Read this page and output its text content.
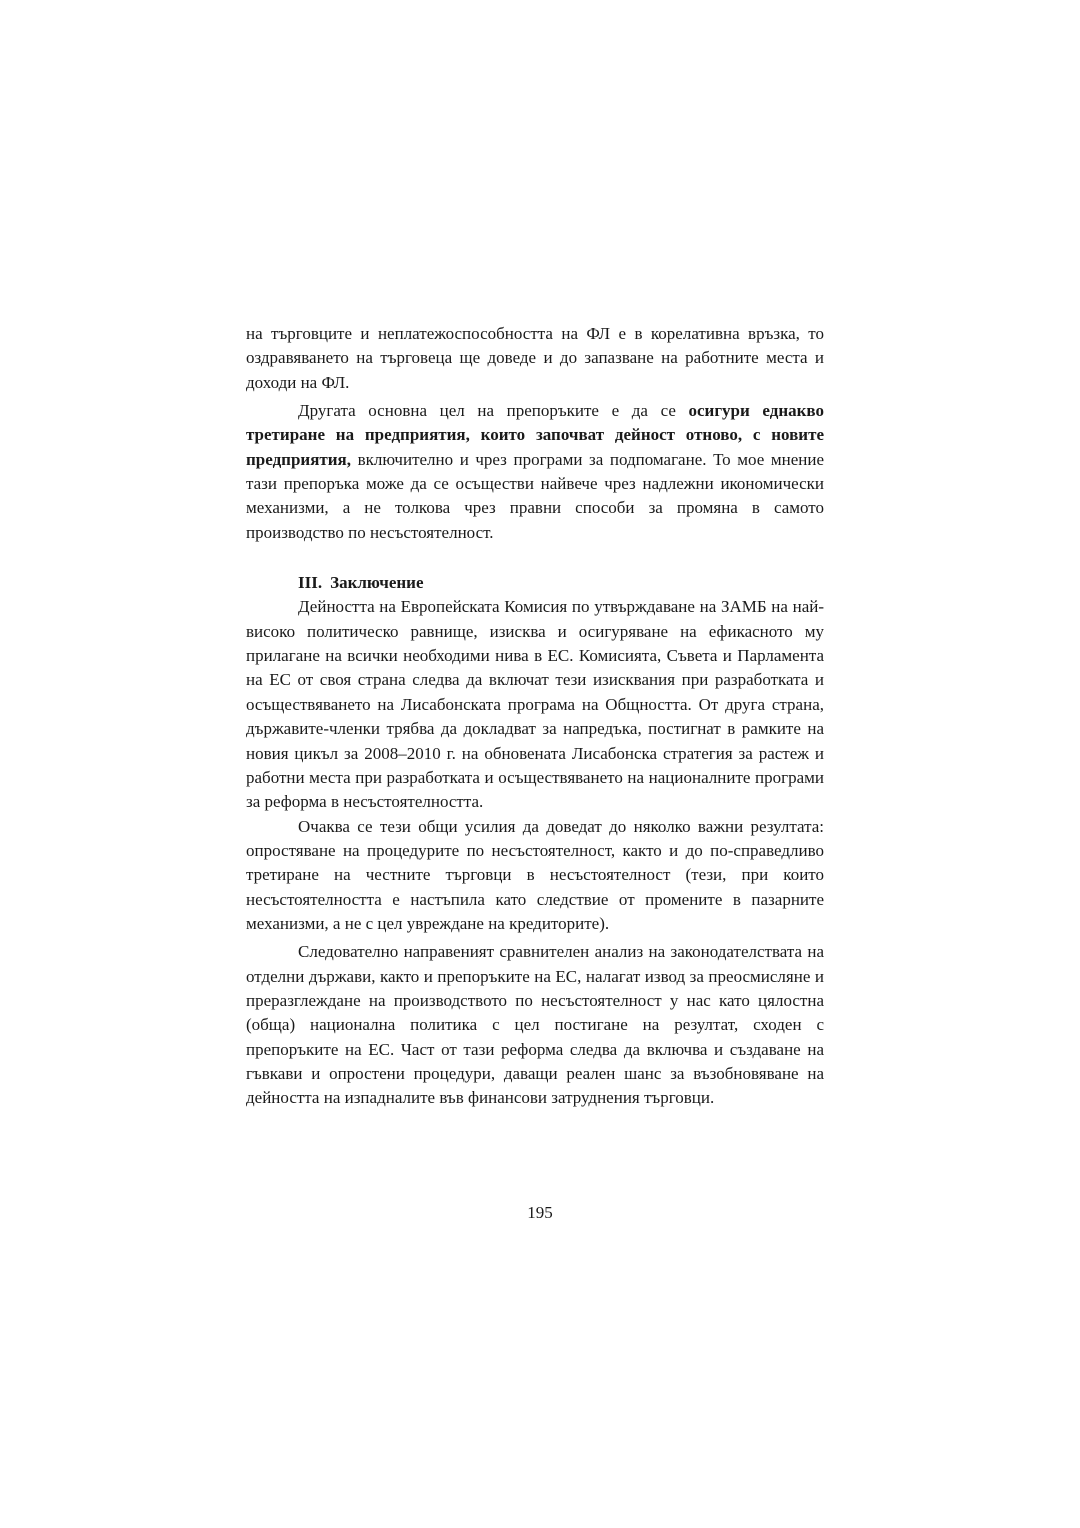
на търговците и неплатежоспособността на ФЛ е в корелативна връзка, то оздравяването на търговеца ще доведе и до запазване на работните места и доходи на ФЛ.

Другата основна цел на препоръките е да се осигури еднакво третиране на предприятия, които започват дейност отново, с новите предприятия, включително и чрез програми за подпомагане. То мое мнение тази препоръка може да се осъществи найвече чрез надлежни икономически механизми, а не толкова чрез правни способи за промяна в самото производство по несъстоятелност.

III. Заключение

Дейността на Европейската Комисия по утвърждаване на ЗАМБ на най-високо политическо равнище, изисква и осигуряване на ефикасното му прилагане на всички необходими нива в ЕС. Комисията, Съвета и Парламента на ЕС от своя страна следва да включат тези изисквания при разработката и осъществяването на Лисабонската програма на Общността. От друга страна, държавите-членки трябва да докладват за напредъка, постигнат в рамките на новия цикъл за 2008–2010 г. на обновената Лисабонска стратегия за растеж и работни места при разработката и осъществяването на националните програми за реформа в несъстоятелността.

Очаква се тези общи усилия да доведат до няколко важни резултата: опростяване на процедурите по несъстоятелност, както и до по-справедливо третиране на честните търговци в несъстоятелност (тези, при които несъстоятелността е настъпила като следствие от промените в пазарните механизми, а не с цел увреждане на кредиторите).

Следователно направеният сравнителен анализ на законодателствата на отделни държави, както и препоръките на ЕС, налагат извод за преосмисляне и преразглеждане на производството по несъстоятелност у нас като цялостна (обща) национална политика с цел постигане на резултат, сходен с препоръките на ЕС. Част от тази реформа следва да включва и създаване на гъвкави и опростени процедури, даващи реален шанс за възобновяване на дейността на изпадналите във финансови затруднения търговци.

195
